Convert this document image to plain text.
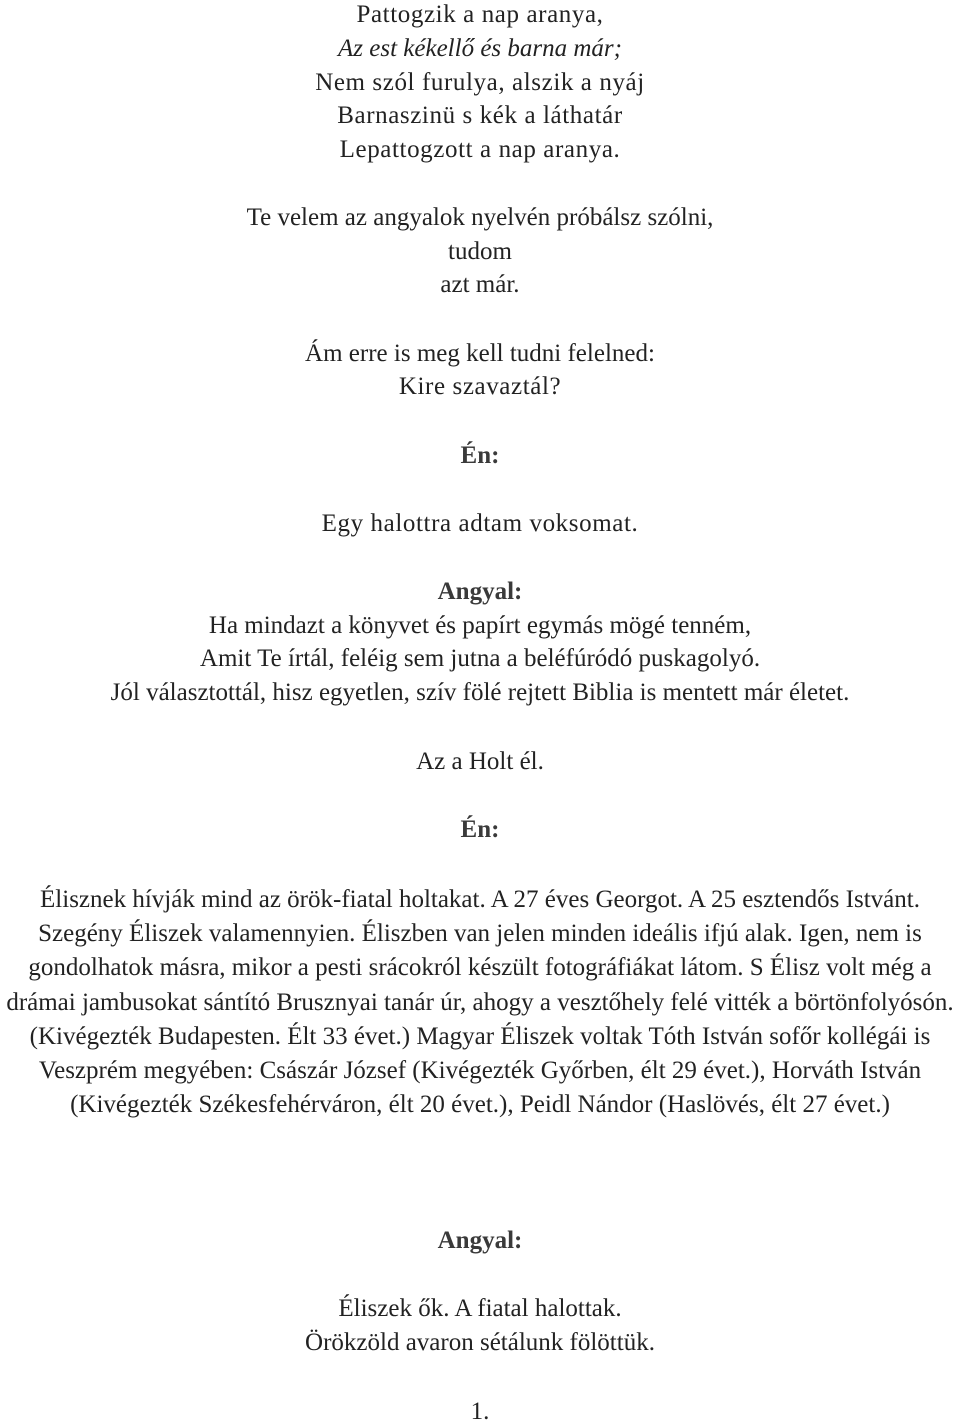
Pattogzik a nap aranya,
Az est kékellő és barna már;
Nem szól furulya, alszik a nyáj
Barnaszinü s kék a láthatár
Lepattogzott a nap aranya.
Te velem az angyalok nyelvén próbálsz szólni,
tudom
azt már.
Ám erre is meg kell tudni felelned:
Kire szavaztál?
Én:
Egy halottra adtam voksomat.
Angyal:
Ha mindazt a könyvet és papírt egymás mögé tenném,
Amit Te írtál, feléig sem jutna a beléfúródó puskagolyó.
Jól választottál, hisz egyetlen, szív fölé rejtett Biblia is mentett már életet.
Az a Holt él.
Én:
Élisznek hívják mind az örök-fiatal holtakat. A 27 éves Georgot. A 25 esztendős Istvánt. Szegény Éliszek valamennyien. Éliszben van jelen minden ideális ifjú alak. Igen, nem is gondolhatok másra, mikor a pesti srácokról készült fotográfiákat látom. S Élisz volt még a drámai jambusokat sántító Brusznyai tanár úr, ahogy a vesztőhely felé vitték a börtönfolyósón. (Kivégezték Budapesten. Élt 33 évet.) Magyar Éliszek voltak Tóth István sofőr kollégái is Veszprém megyében: Császár József (Kivégezték Győrben, élt 29 évet.), Horváth István (Kivégezték Székesfehérváron, élt 20 évet.), Peidl Nándor (Haslövés, élt 27 évet.)
Angyal:
Éliszek ők. A fiatal halottak.
Örökzöld avaron sétálunk fölöttük.
1.
